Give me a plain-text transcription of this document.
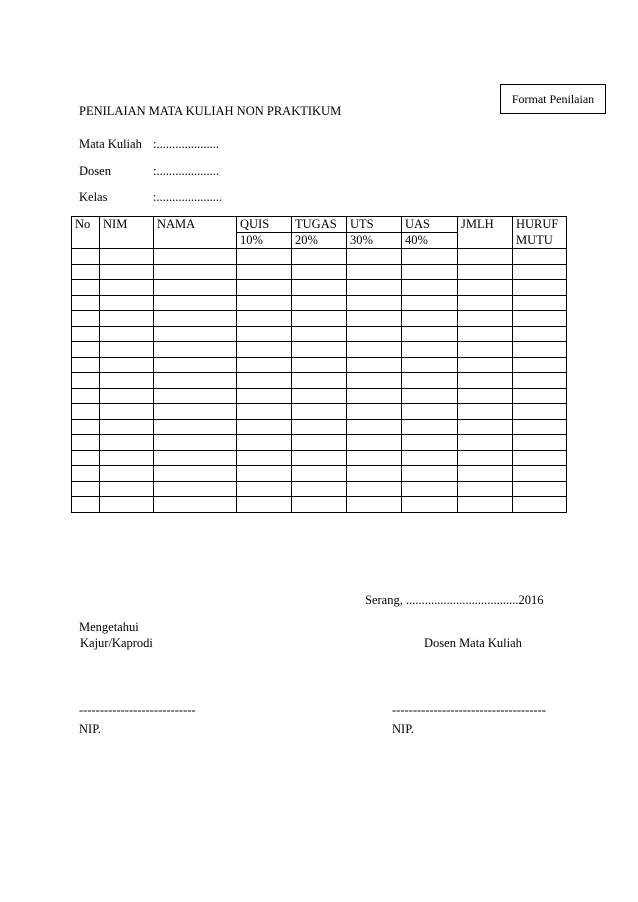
Format Penilaian
PENILAIAN MATA KULIAH NON PRAKTIKUM
Mata Kuliah :....................
Dosen	:....................
Kelas	:.....................
No	NIM	NAMA	QUIS	TUGAS	UTS	UAS	JMLH	HURUF
			10%	20%	30%	40%		MUTU

Serang, ....................................2016
Mengetahui
Kajur/Kaprodi	Dosen Mata Kuliah
----------------------------	-------------------------------------
NIP.	NIP.
